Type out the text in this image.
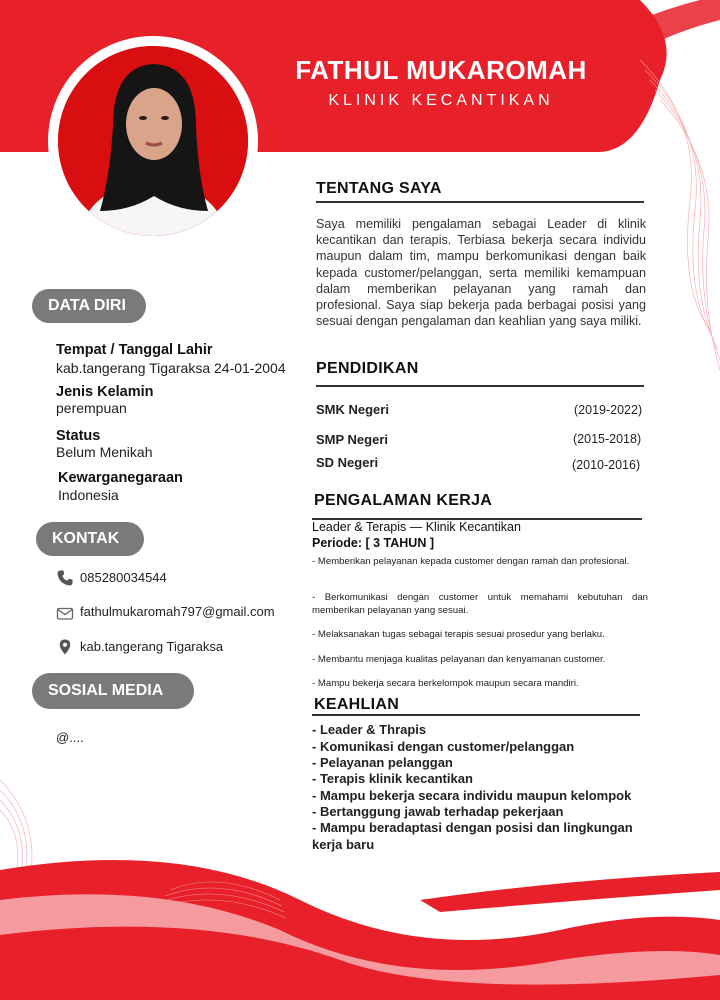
FATHUL MUKAROMAH
KLINIK KECANTIKAN
DATA DIRI
Tempat / Tanggal Lahir
kab.tangerang Tigaraksa 24-01-2004
Jenis Kelamin
perempuan
Status
Belum Menikah
Kewarganegaraan
Indonesia
KONTAK
085280034544
fathulmukaromah797@gmail.com
kab.tangerang Tigaraksa
SOSIAL MEDIA
@....
TENTANG SAYA
Saya memiliki pengalaman sebagai Leader di klinik kecantikan dan terapis. Terbiasa bekerja secara individu maupun dalam tim, mampu berkomunikasi dengan baik kepada customer/pelanggan, serta memiliki kemampuan dalam memberikan pelayanan yang ramah dan profesional. Saya siap bekerja pada berbagai posisi yang sesuai dengan pengalaman dan keahlian yang saya miliki.
PENDIDIKAN
SMK Negeri	(2019-2022)
SMP Negeri	(2015-2018)
SD Negeri	(2010-2016)
PENGALAMAN KERJA
Leader & Terapis — Klinik Kecantikan
Periode: [ 3 TAHUN ]
- Memberikan pelayanan kepada customer dengan ramah dan profesional.
- Berkomunikasi dengan customer untuk memahami kebutuhan dan memberikan pelayanan yang sesuai.
- Melaksanakan tugas sebagai terapis sesuai prosedur yang berlaku.
- Membantu menjaga kualitas pelayanan dan kenyamanan customer.
- Mampu bekerja secara berkelompok maupun secara mandiri.
KEAHLIAN
- Leader & Thrapis
- Komunikasi dengan customer/pelanggan
- Pelayanan pelanggan
- Terapis klinik kecantikan
- Mampu bekerja secara individu maupun kelompok
- Bertanggung jawab terhadap pekerjaan
- Mampu beradaptasi dengan posisi dan lingkungan kerja baru
